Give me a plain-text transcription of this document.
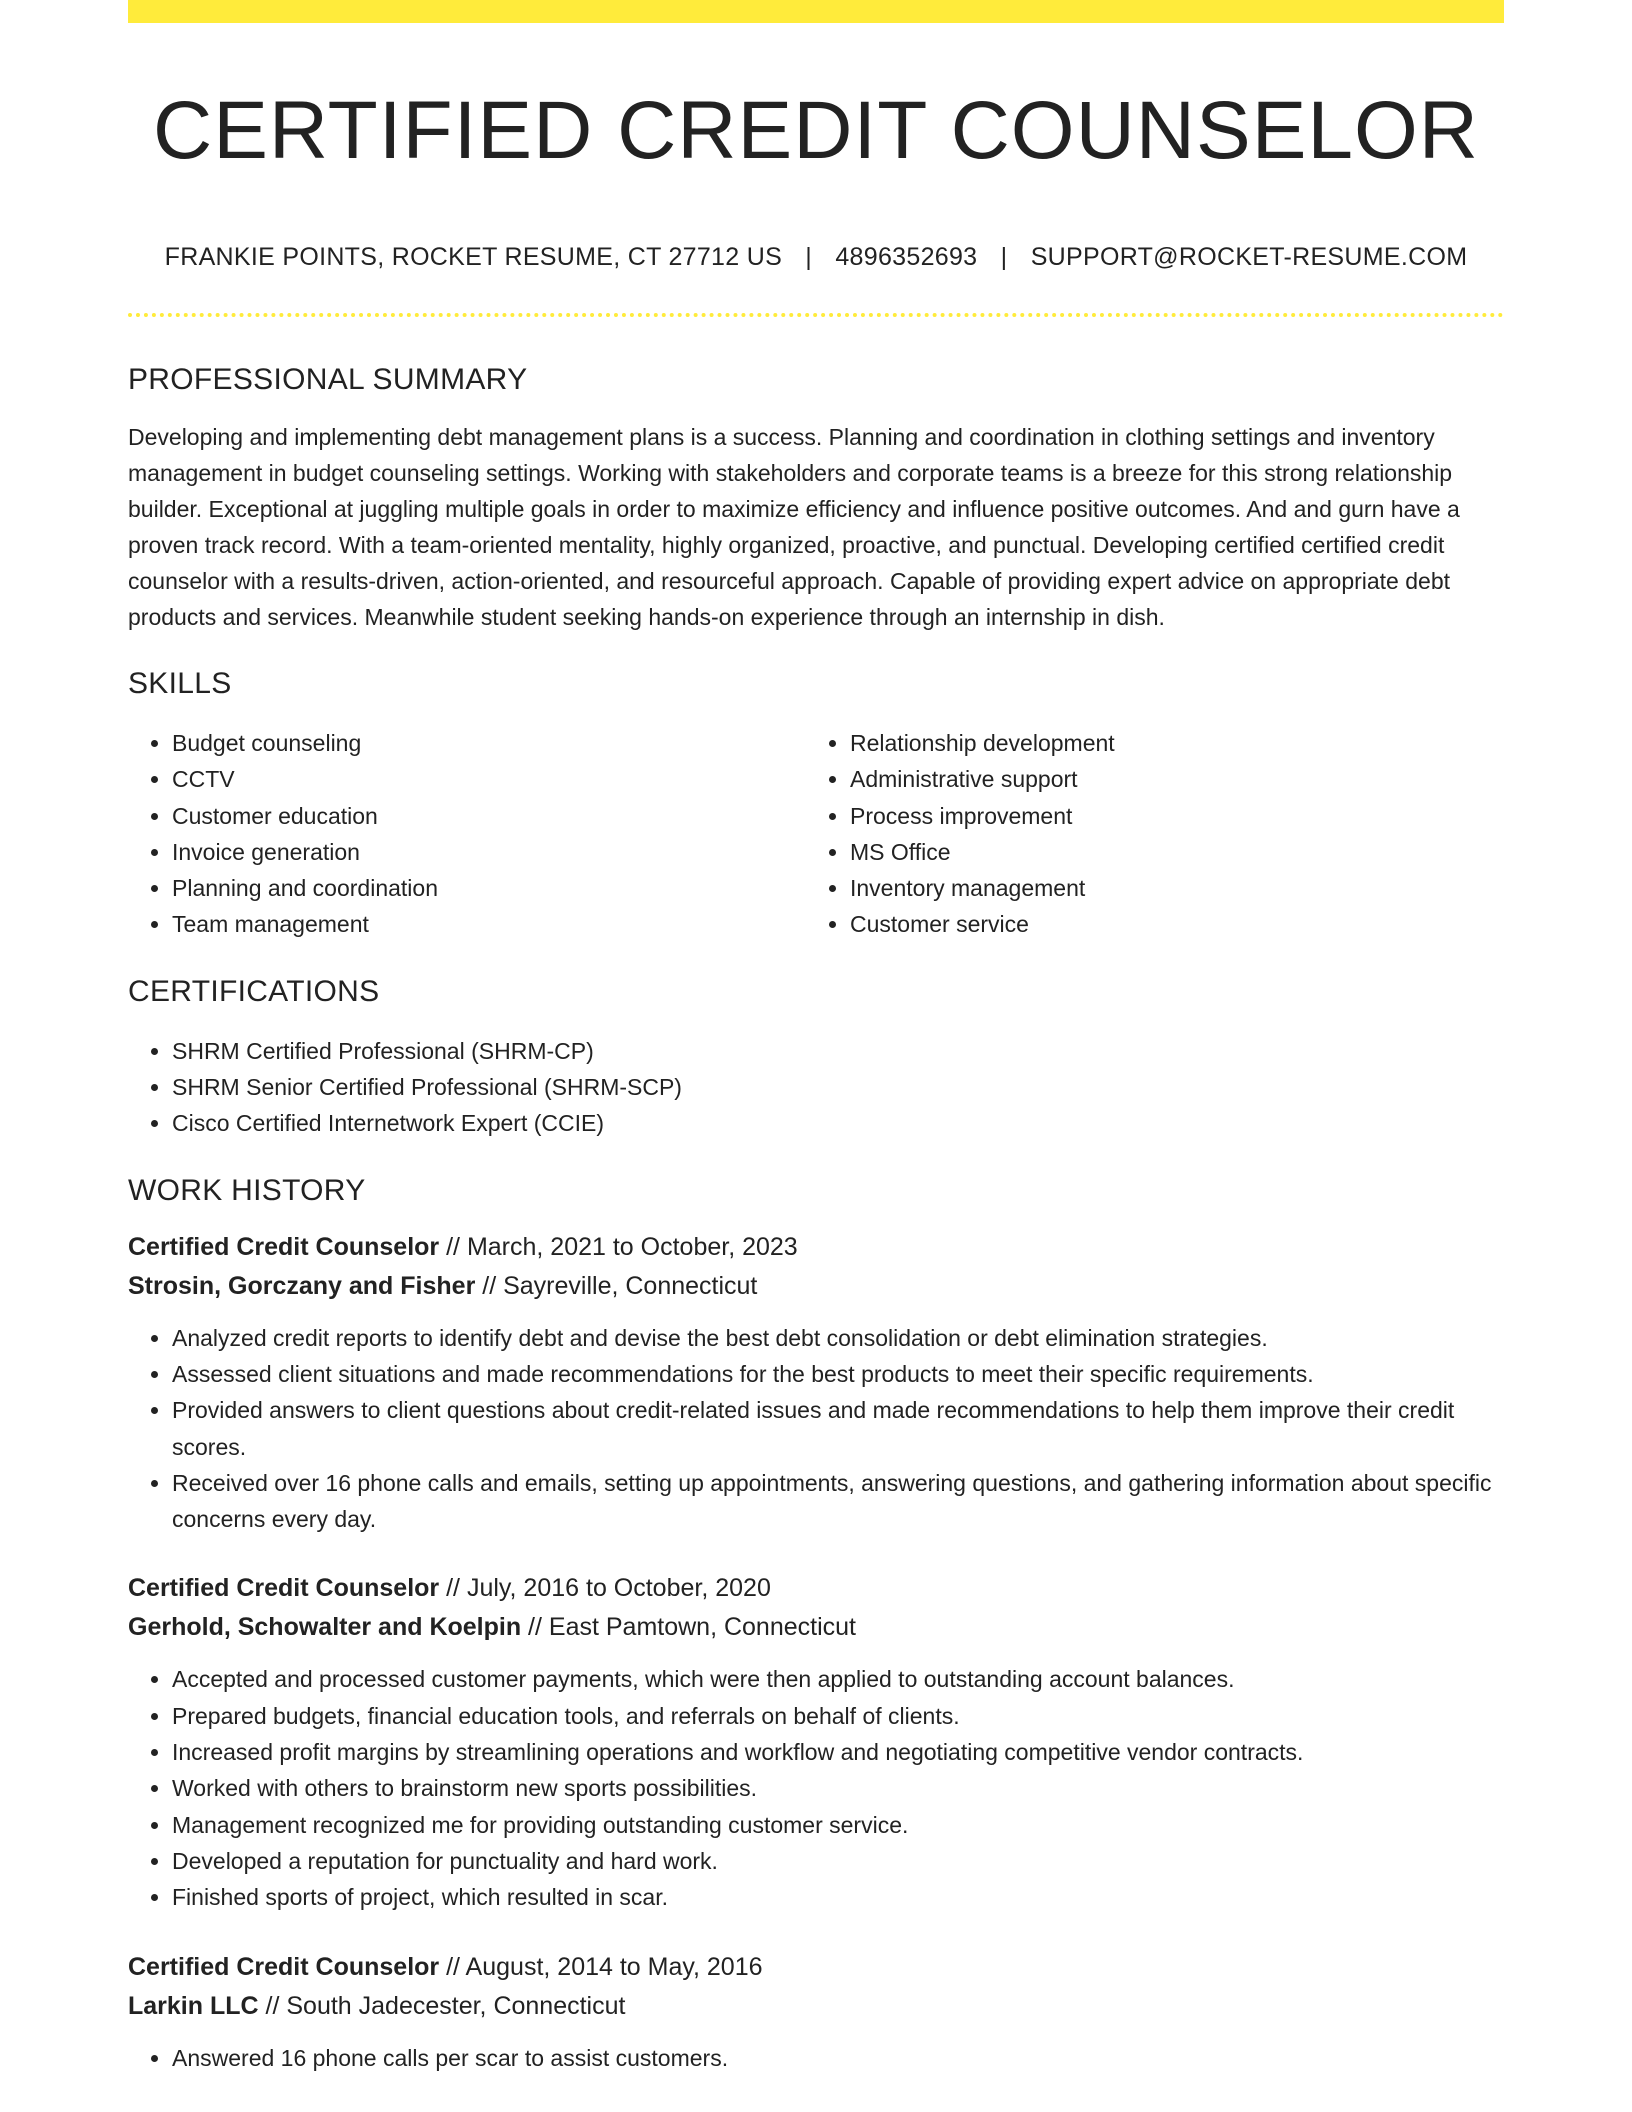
CERTIFIED CREDIT COUNSELOR
FRANKIE POINTS, ROCKET RESUME, CT 27712 US | 4896352693 | SUPPORT@ROCKET-RESUME.COM
PROFESSIONAL SUMMARY
Developing and implementing debt management plans is a success. Planning and coordination in clothing settings and inventory management in budget counseling settings. Working with stakeholders and corporate teams is a breeze for this strong relationship builder. Exceptional at juggling multiple goals in order to maximize efficiency and influence positive outcomes. And and gurn have a proven track record. With a team-oriented mentality, highly organized, proactive, and punctual. Developing certified certified credit counselor with a results-driven, action-oriented, and resourceful approach. Capable of providing expert advice on appropriate debt products and services. Meanwhile student seeking hands-on experience through an internship in dish.
SKILLS
• Budget counseling
• CCTV
• Customer education
• Invoice generation
• Planning and coordination
• Team management
• Relationship development
• Administrative support
• Process improvement
• MS Office
• Inventory management
• Customer service
CERTIFICATIONS
• SHRM Certified Professional (SHRM-CP)
• SHRM Senior Certified Professional (SHRM-SCP)
• Cisco Certified Internetwork Expert (CCIE)
WORK HISTORY
Certified Credit Counselor // March, 2021 to October, 2023
Strosin, Gorczany and Fisher // Sayreville, Connecticut
• Analyzed credit reports to identify debt and devise the best debt consolidation or debt elimination strategies.
• Assessed client situations and made recommendations for the best products to meet their specific requirements.
• Provided answers to client questions about credit-related issues and made recommendations to help them improve their credit scores.
• Received over 16 phone calls and emails, setting up appointments, answering questions, and gathering information about specific concerns every day.
Certified Credit Counselor // July, 2016 to October, 2020
Gerhold, Schowalter and Koelpin // East Pamtown, Connecticut
• Accepted and processed customer payments, which were then applied to outstanding account balances.
• Prepared budgets, financial education tools, and referrals on behalf of clients.
• Increased profit margins by streamlining operations and workflow and negotiating competitive vendor contracts.
• Worked with others to brainstorm new sports possibilities.
• Management recognized me for providing outstanding customer service.
• Developed a reputation for punctuality and hard work.
• Finished sports of project, which resulted in scar.
Certified Credit Counselor // August, 2014 to May, 2016
Larkin LLC // South Jadecester, Connecticut
• Answered 16 phone calls per scar to assist customers.
